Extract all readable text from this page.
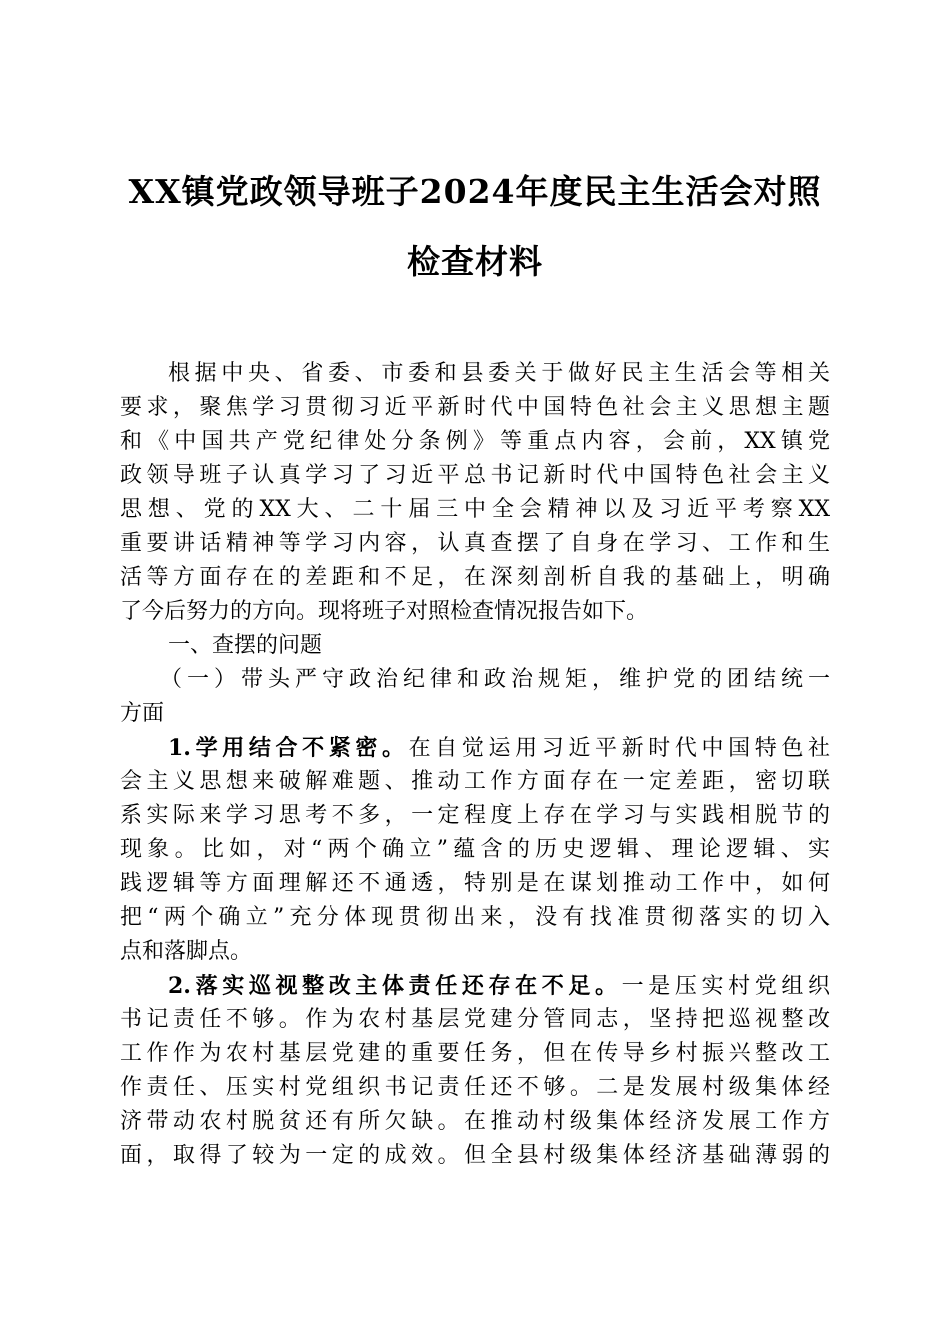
XX镇党政领导班子2024年度民主生活会对照
检查材料
根据中央、省委、市委和县委关于做好民主生活会等相关
要求，聚焦学习贯彻习近平新时代中国特色社会主义思想主题
和《中国共产党纪律处分条例》等重点内容，会前，XX镇党
政领导班子认真学习了习近平总书记新时代中国特色社会主义
思想、党的XX大、二十届三中全会精神以及习近平考察XX
重要讲话精神等学习内容，认真查摆了自身在学习、工作和生
活等方面存在的差距和不足，在深刻剖析自我的基础上，明确
了今后努力的方向。现将班子对照检查情况报告如下。
一、查摆的问题
（一）带头严守政治纪律和政治规矩，维护党的团结统一
方面
1.学用结合不紧密。在自觉运用习近平新时代中国特色社
会主义思想来破解难题、推动工作方面存在一定差距，密切联
系实际来学习思考不多，一定程度上存在学习与实践相脱节的
现象。比如，对“两个确立”蕴含的历史逻辑、理论逻辑、实
践逻辑等方面理解还不通透，特别是在谋划推动工作中，如何
把“两个确立”充分体现贯彻出来，没有找准贯彻落实的切入
点和落脚点。
2.落实巡视整改主体责任还存在不足。一是压实村党组织
书记责任不够。作为农村基层党建分管同志，坚持把巡视整改
工作作为农村基层党建的重要任务，但在传导乡村振兴整改工
作责任、压实村党组织书记责任还不够。二是发展村级集体经
济带动农村脱贫还有所欠缺。在推动村级集体经济发展工作方
面，取得了较为一定的成效。但全县村级集体经济基础薄弱的
